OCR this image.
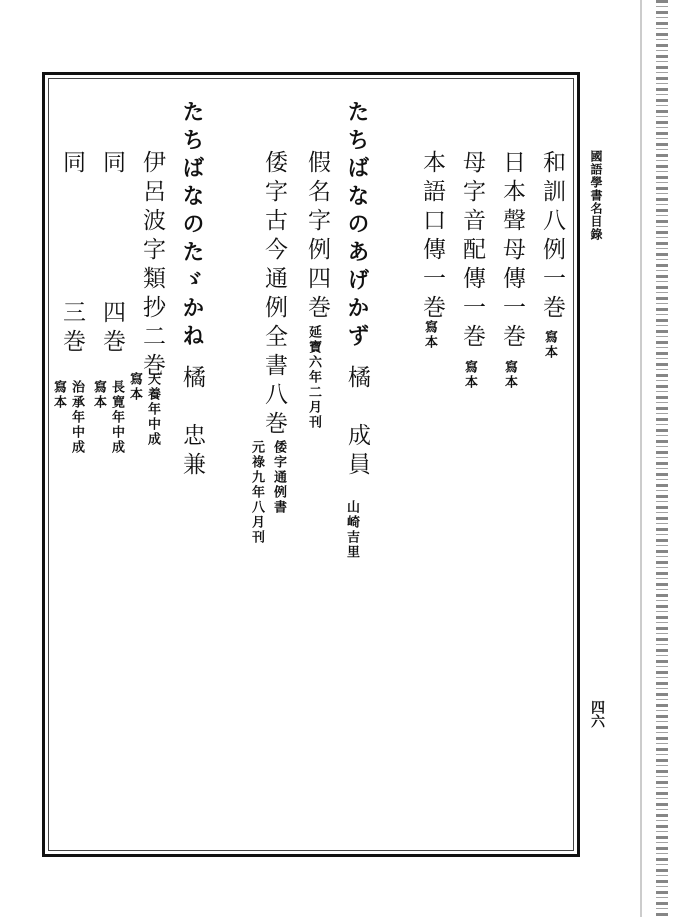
國語學書名目錄
四六
和訓八例一巻
寫本
日本聲母傳一巻
寫本
母字音配傳一巻
寫本
本語口傳一巻
寫本
たちばなのあげかず
橘　成員
山崎吉里
假名字例四巻
延寶六年二月刊
倭字古今通例全書八巻
倭字通例書
元祿九年八月刊
たちばなのたゞかね
橘　忠兼
伊呂波字類抄二巻
天養年中成
寫本
同
四巻
長寛年中成
寫本
同
三巻
治承年中成
寫本
